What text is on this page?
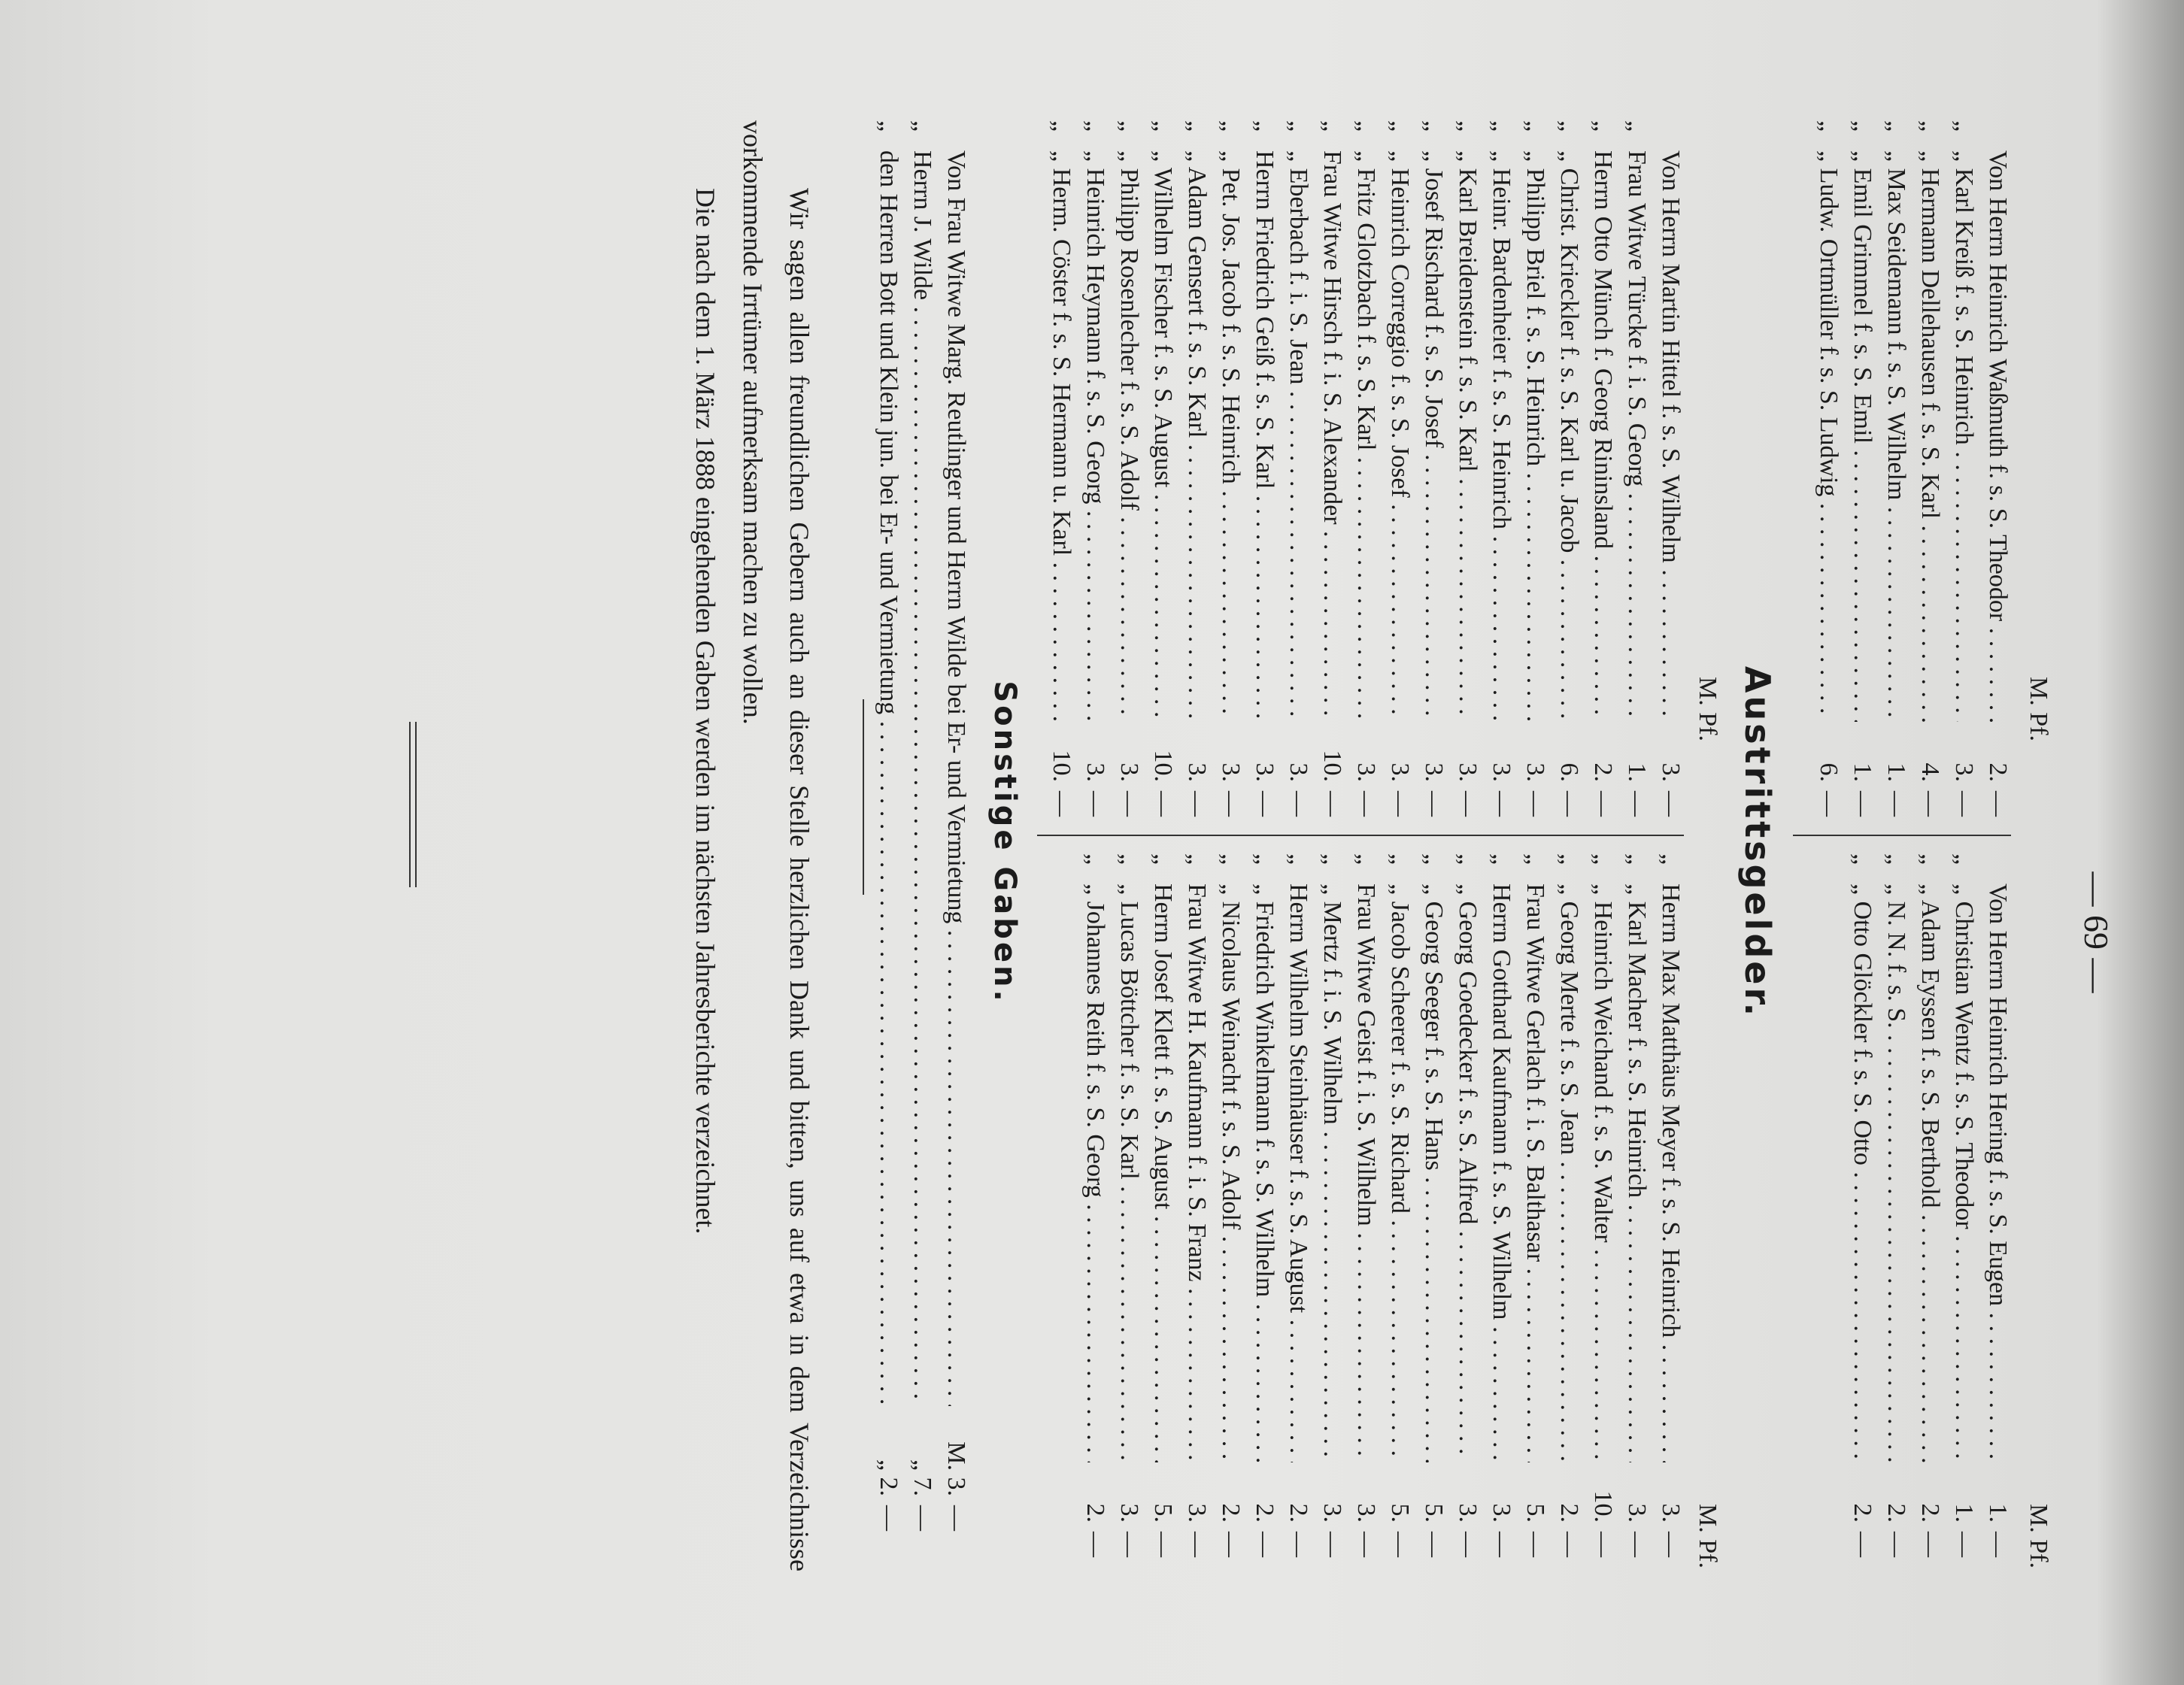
— 69 —
M. Pf.
M. Pf.
Von Herrn Heinrich Waßmuth f. s. S. Theodor . . .
2.
—
„
„ Karl Kreiß f. s. S. Heinrich . . .
3.
—
„
„ Hermann Dellehausen f. s. S. Karl . . .
4.
—
„
„ Max Seidemann f. s. S. Wilhelm . . .
1.
—
„
„ Emil Grimmel f. s. S. Emil . . .
1.
—
„
„ Ludw. Ortmüller f. s. S. Ludwig . . .
6.
—
Von Herrn Heinrich Hering f. s. S. Eugen . . .
1.
—
„
„ Christian Wentz f. s. S. Theodor . . .
1.
—
„
„ Adam Eyssen f. s. S. Berthold . . .
2.
—
„
„ N. N. f. s. S. . . .
2.
—
„
„ Otto Glöckler f. s. S. Otto . . .
2.
—
Austrittsgelder.
M. Pf.
M. Pf.
Von Herrn Martin Hittel f. s. S. Wilhelm . . .
3.
—
„
Frau Witwe Türcke f. i. S. Georg . . .
1.
—
„
Herrn Otto Münch f. Georg Rininsland . . .
2.
—
„
„ Christ. Krieckler f. s. S. Karl u. Jacob . . .
6.
—
„
„ Philipp Briel f. s. S. Heinrich . . .
3.
—
„
„ Heinr. Bardenheier f. s. S. Heinrich . . .
3.
—
„
„ Karl Breidenstein f. s. S. Karl . . .
3.
—
„
„ Josef Rischard f. s. S. Josef . . .
3.
—
„
„ Heinrich Correggio f. s. S. Josef . . .
3.
—
„
„ Fritz Glotzbach f. s. S. Karl . . .
3.
—
„
Frau Witwe Hirsch f. i. S. Alexander . . .
10.
—
„
„ Eberbach f. i. S. Jean . . .
3.
—
„
Herrn Friedrich Geiß f. s. S. Karl . . .
3.
—
„
„ Pet. Jos. Jacob f. s. S. Heinrich . . .
3.
—
„
„ Adam Gensert f. s. S. Karl . . .
3.
—
„
„ Wilhelm Fischer f. s. S. August . . .
10.
—
„
„ Philipp Rosenlecher f. s. S. Adolf . . .
3.
—
„
„ Heinrich Heymann f. s. S. Georg . . .
3.
—
„
„ Herm. Cöster f. s. S. Hermann u. Karl . . .
10.
—
„
Herrn Max Matthäus Meyer f. s. S. Heinrich . . .
3.
—
„
„ Karl Macher f. s. S. Heinrich . . .
3.
—
„
„ Heinrich Weichand f. s. S. Walter . . .
10.
—
„
„ Georg Merte f. s. S. Jean . . .
2.
—
„
Frau Witwe Gerlach f. i. S. Balthasar . . .
5.
—
„
Herrn Gotthard Kaufmann f. s. S. Wilhelm . . .
3.
—
„
„ Georg Goedecker f. s. S. Alfred . . .
3.
—
„
„ Georg Seeger f. s. S. Hans . . .
5.
—
„
„ Jacob Scheerer f. s. S. Richard . . .
5.
—
„
Frau Witwe Geist f. i. S. Wilhelm . . .
3.
—
„
„ Mertz f. i. S. Wilhelm . . .
3.
—
„
Herrn Wilhelm Steinhäuser f. s. S. August . . .
2.
—
„
„ Friedrich Winkelmann f. s. S. Wilhelm . . .
2.
—
„
„ Nicolaus Weinacht f. s. S. Adolf . . .
2.
—
„
Frau Witwe H. Kaufmann f. i. S. Franz . . .
3.
—
„
Herrn Josef Klett f. s. S. August . . .
5.
—
„
„ Lucas Böttcher f. s. S. Karl . . .
3.
—
„
„ Johannes Reith f. s. S. Georg . . .
2.
—
Sonstige Gaben.
Von Frau Witwe Marg. Reutlinger und Herrn Wilde bei Er- und Vermietung . . .
M. 3.
—
„
Herrn J. Wilde . . .
„ 7.
—
„
den Herren Bott und Klein jun. bei Er- und Vermietung . . .
„ 2.
—
Wir sagen allen freundlichen Gebern auch an dieser Stelle herzlichen Dank und bitten, uns auf etwa in dem Verzeichnisse vorkommende Irrtümer aufmerksam machen zu wollen.
Die nach dem 1. März 1888 eingehenden Gaben werden im nächsten Jahresberichte verzeichnet.
